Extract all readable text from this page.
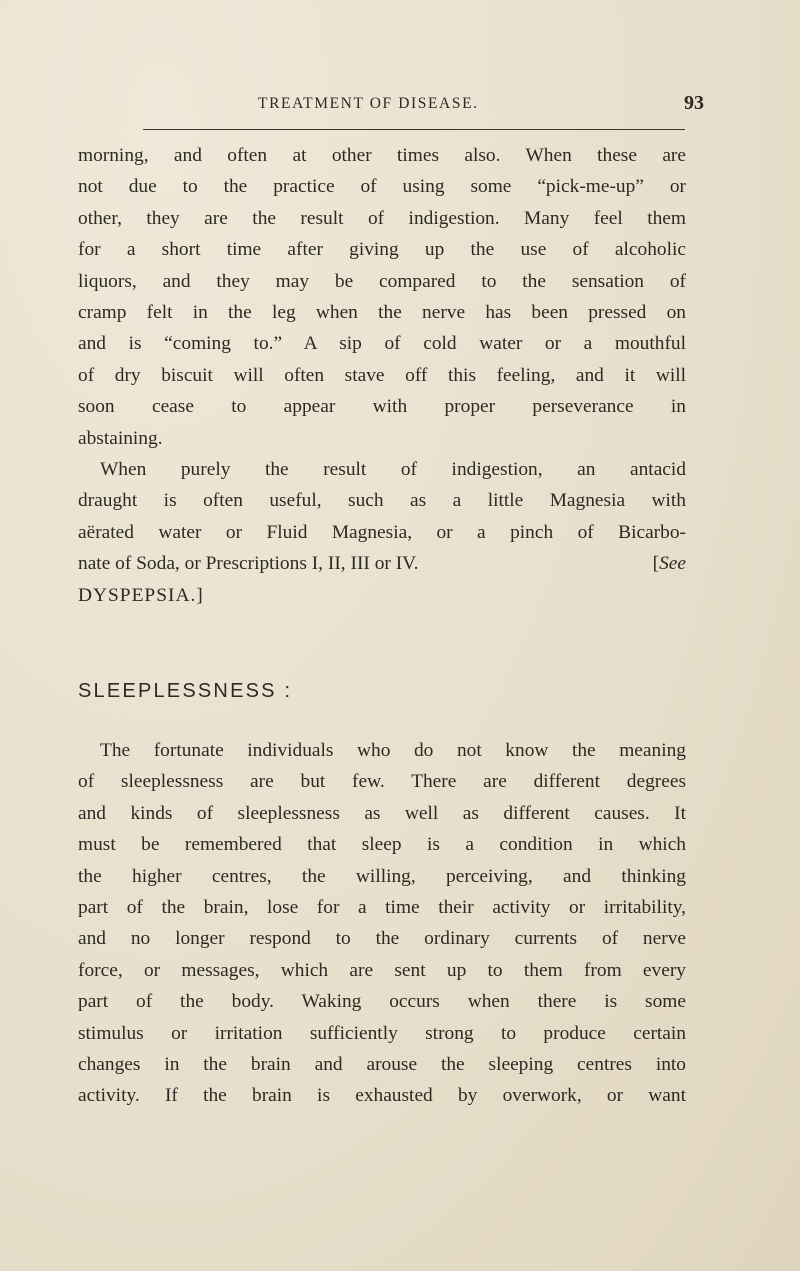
TREATMENT OF DISEASE.	93
morning, and often at other times also. When these are
not due to the practice of using some “pick-me-up” or
other, they are the result of indigestion. Many feel them
for a short time after giving up the use of alcoholic
liquors, and they may be compared to the sensation of
cramp felt in the leg when the nerve has been pressed on
and is “coming to.” A sip of cold water or a mouthful
of dry biscuit will often stave off this feeling, and it will
soon cease to appear with proper perseverance in
abstaining.
When purely the result of indigestion, an antacid
draught is often useful, such as a little Magnesia with
aërated water or Fluid Magnesia, or a pinch of Bicarbo-
nate of Soda, or Prescriptions I, II, III or IV.	[See
DYSPEPSIA.]
SLEEPLESSNESS :
The fortunate individuals who do not know the meaning
of sleeplessness are but few. There are different degrees
and kinds of sleeplessness as well as different causes. It
must be remembered that sleep is a condition in which
the higher centres, the willing, perceiving, and thinking
part of the brain, lose for a time their activity or irritability,
and no longer respond to the ordinary currents of nerve
force, or messages, which are sent up to them from every
part of the body. Waking occurs when there is some
stimulus or irritation sufficiently strong to produce certain
changes in the brain and arouse the sleeping centres into
activity. If the brain is exhausted by overwork, or want
